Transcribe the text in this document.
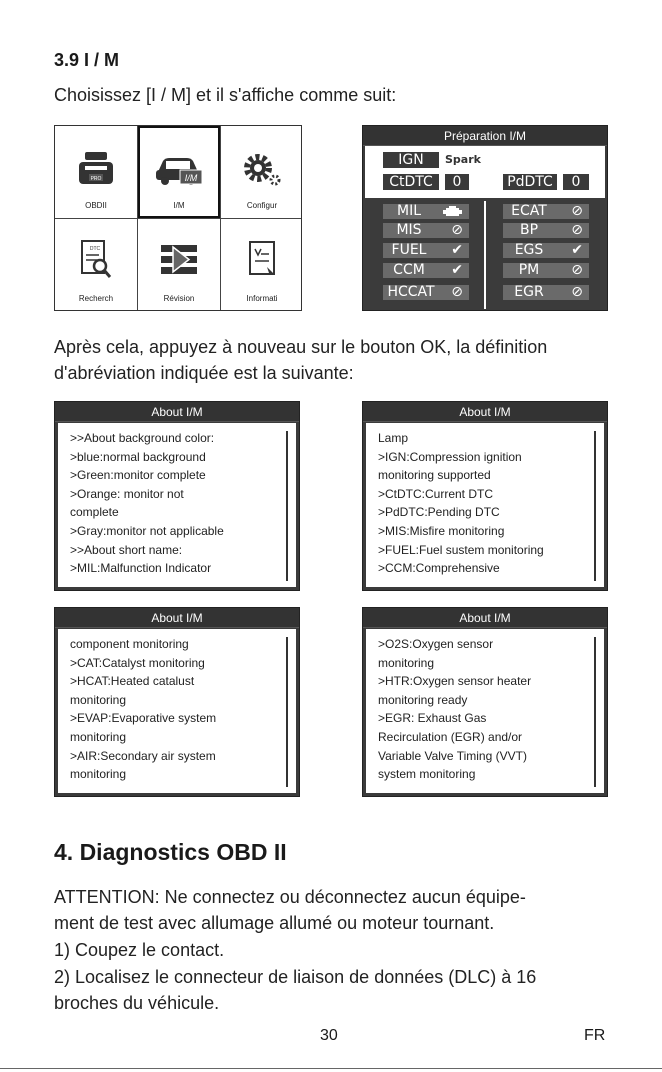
3.9 I / M
Choisissez [I / M] et il s'affiche comme suit:
PRO
OBDII
I/M
I/M	Configur
DTC
Recherch	Révision	Informati
Préparation I/M
IGN	Spark
CtDTC	0	PdDTC	0
MIL
MIS	⊘
FUEL	✔
CCM	✔
HCCAT	⊘
ECAT	⊘
BP	⊘
EGS	✔
PM	⊘
EGR	⊘
Après cela, appuyez à nouveau sur le bouton OK, la définition
d'abréviation indiquée est la suivante:
About I/M
>>About background color:
>blue:normal background
>Green:monitor complete
>Orange: monitor not
complete
>Gray:monitor not applicable
>>About short name:
>MIL:Malfunction Indicator
About I/M
Lamp
>IGN:Compression ignition
monitoring supported
>CtDTC:Current DTC
>PdDTC:Pending DTC
>MIS:Misfire monitoring
>FUEL:Fuel sustem monitoring
>CCM:Comprehensive
About I/M
component monitoring
>CAT:Catalyst monitoring
>HCAT:Heated catalust
monitoring
>EVAP:Evaporative system
monitoring
>AIR:Secondary air system
monitoring
About I/M
>O2S:Oxygen sensor
monitoring
>HTR:Oxygen sensor heater
monitoring ready
>EGR: Exhaust Gas
Recirculation (EGR) and/or
Variable Valve Timing (VVT)
system monitoring
4. Diagnostics OBD II
ATTENTION: Ne connectez ou déconnectez aucun équipe-
ment de test avec allumage allumé ou moteur tournant.
1) Coupez le contact.
2) Localisez le connecteur de liaison de données (DLC) à 16
broches du véhicule.
30	FR
